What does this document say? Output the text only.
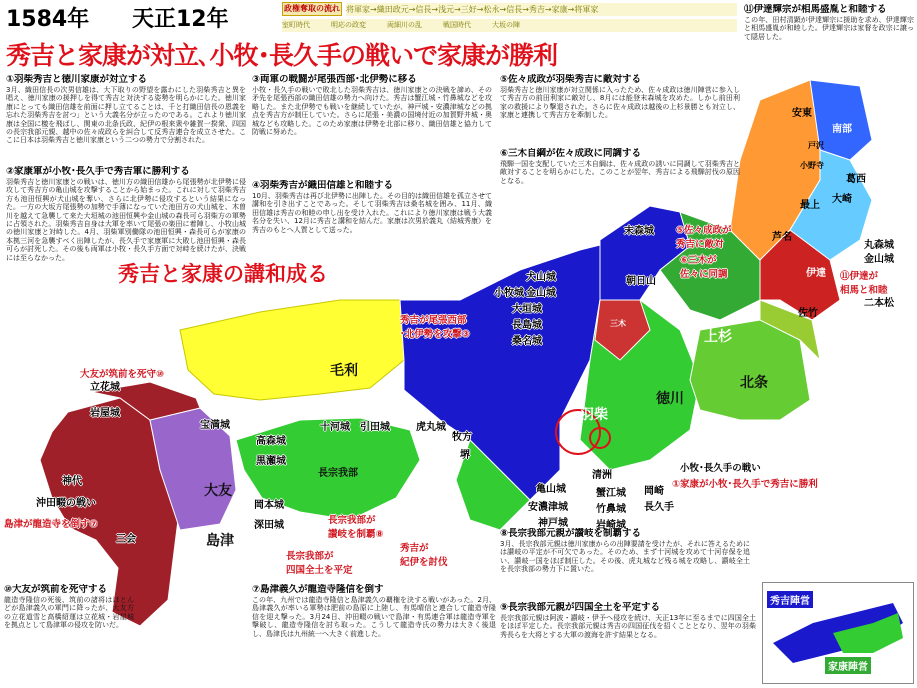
1584年 天正12年
秀吉と家康が対立､小牧･長久手の戦いで家康が勝利
政権奪取の流れ 将軍家→織田政元→信長→浅元→三好→松永→信長→秀吉→家康→将軍家
室町時代　　　明応の政変　　　両細川の乱　　　戦国時代　　　大坂の陣
毛利
羽柴
徳川
北条
上杉
長宗我部
島津
大友
伊達
芦名
佐竹
南部
安東
戸沢
小野寺
葛西
大崎
最上
三木
秀吉と家康の講和成る
立花城
岩屋城
宝満城
神代
沖田畷の戦い
三会
高森城
黒瀬城
岡本城
深田城
十河城 引田城	虎丸城
牧方
堺
犬山城
小牧城
大垣城
長島城
桑名城
金山城
末森城
朝日山
清洲
蟹江城
竹鼻城
岩崎城
岡崎
長久手
亀山城
安濃津城
神戸城
丸森城
金山城
二本松
秀吉が尾張西部
･北伊勢を攻撃③
大友が筑前を死守⑩
島津が龍造寺を倒す⑦	長宗我部が
讃岐を制覇⑧
長宗我部が
四国全土を平定
秀吉が
紀伊を討伐
小牧･長久手の戦い
①家康が小牧･長久手で秀吉に勝利
⑤佐々成政が
秀吉に敵対
⑥三木が
佐々に同調	⑪伊達が
相馬と和睦
①羽柴秀吉と徳川家康が対立する
3月、織田信長の次男信雄は、大下取りの野望を露わにした羽柴秀吉と異を唱え、徳川家康の援押しを得て秀吉と対決する姿勢を明らかにした。徳川家康にとっても織田信雄を前面に押し立てることは、千と打織田信長の恩義を忘れた羽柴秀吉を討つ」という大義名分が立ったのである。これより徳川家康は全国に檄を飛ばし、関東の北条氏政、紀伊の根来衆や雑賀一揆衆、四国の長宗我部元親、越中の佐々成政らを糾合して反秀吉連合を成立させた。ここに日本は羽柴秀吉と徳川家康という二つの勢力で分割された。
②家康軍が小牧･長久手で秀吉軍に勝利する
羽柴秀吉と徳川家康との戦いは、徳川方の織田信雄から尾張勢が北伊勢に侵攻して秀吉方の亀山城を攻撃することから始まった。これに対して羽柴秀吉方も池田恒興が犬山城を奪い、さらに北伊勢に侵攻するという結果になった。一方の大坂方尾張勢の加勢で手薄になっていた池田方の犬山城を、木曽川を越えて急襲して来た大垣城の池田恒興や金山城の森長可ら羽柴方の軍勢に占領された。羽柴秀吉自身は大軍を率いて尾張の楽田に着陣し、小牧山城の徳川家康と対峙した。4月、羽柴軍別働隊の池田恒興・森長可らが家康の本拠三河を急襲すべく出陣したが、長久手で家康軍に大敗し池田恒興・森長可らが討死した。その後も両軍は小牧・長久手方面で対峙を続けたが、決戦には至らなかった。
③両軍の戦闘が尾張西部･北伊勢に移る
小牧・長久手の戦いで敗北した羽柴秀吉は、徳川家康との決戦を諦め、その矛先を尾張西部の織田信雄の勢力へ向けた。秀吉は蟹江城・竹鼻城などを攻略した。また北伊勢でも戦いを継続していたが、神戸城・安濃津城などの拠点を秀吉方が制圧していた。さらに尾張・美濃の国境付近の加賀野井城・奥城なども攻略した。このため家康は伊勢を北部に移り、織田信雄と協力して防戦に努めた。
④羽柴秀吉が織田信雄と和睦する
10月、羽柴秀吉は再び北伊勢に出陣した。その目的は織田信雄を孤立させて講和を引き出すことであった。そして羽柴秀吉は桑名城を囲み、11月、織田信雄は秀吉の和睦の申し出を受け入れた。これにより徳川家康は戦う大義名分を失い、12月に秀吉と講和を結んだ。家康は次男於義丸（結城秀康）を秀吉のもとへ人質として送った。
⑤佐々成政が羽柴秀吉に敵対する
羽柴秀吉と徳川家康が対立関係に入ったため、佐々成政は徳川陣営に参入して秀吉方の前田利家に敵対し、8月には能登末森城を攻めた。しかし前田利家の救援により撃退された。さらに佐々成政は越後の上杉景勝とも対立し、家康と連携して秀吉方を牽制した。
⑥三木自綱が佐々成政に同調する
飛騨一国を支配していた三木自綱は、佐々成政の誘いに同調して羽柴秀吉と敵対することを明らかにした。このことが翌年、秀吉による飛騨討伐の原因となる。
⑦島津義久が龍造寺隆信を倒す
この年、九州では龍造寺隆信と島津義久の覇権を決する戦いがあった。2月、島津義久が率いる軍勢は肥前の島原に上陸し、有馬晴信と連合して龍造寺隆信を迎え撃った。3月24日、沖田畷の戦いで島津・有馬連合軍は龍造寺軍を撃破し、龍造寺隆信を討ち取った。こうして龍造寺氏の勢力は大きく後退し、島津氏は九州統一へ大きく前進した。
⑧長宗我部元親が讃岐を制覇する
3月、長宗我部元親は徳川家康からの出陣要請を受けたが、それに答えるためには讃岐の平定が不可欠であった。そのため、まず十河城を攻めて十河存保を追い、讃岐一国をほぼ制圧した。その後、虎丸城など残る城を攻略し、讃岐全土を長宗我部の勢力下に置いた。
⑨長宗我部元親が四国全土を平定する
長宗我部元親は阿波・讃岐・伊予へ侵攻を続け、天正13年に至るまでに四国全土をほぼ平定した。長宗我部元親は秀吉の四国征伐を招くこととなり、翌年の羽柴秀長らを大将とする大軍の渡海を許す結果となる。
⑩大友が筑前を死守する
龍造寺隆信の死後、筑前の諸将はほとんどが島津義久の軍門に降ったが、大友方の立花道雪と高橋紹運は立花城・岩屋城を拠点として島津軍の侵攻を防いだ。
⑪伊達輝宗が相馬盛胤と和睦する
この年、田村清顕が伊達輝宗に援助を求め、伊達輝宗と相馬盛胤が和睦した。伊達輝宗は家督を政宗に譲って隠居した。
秀吉陣営
家康陣営
